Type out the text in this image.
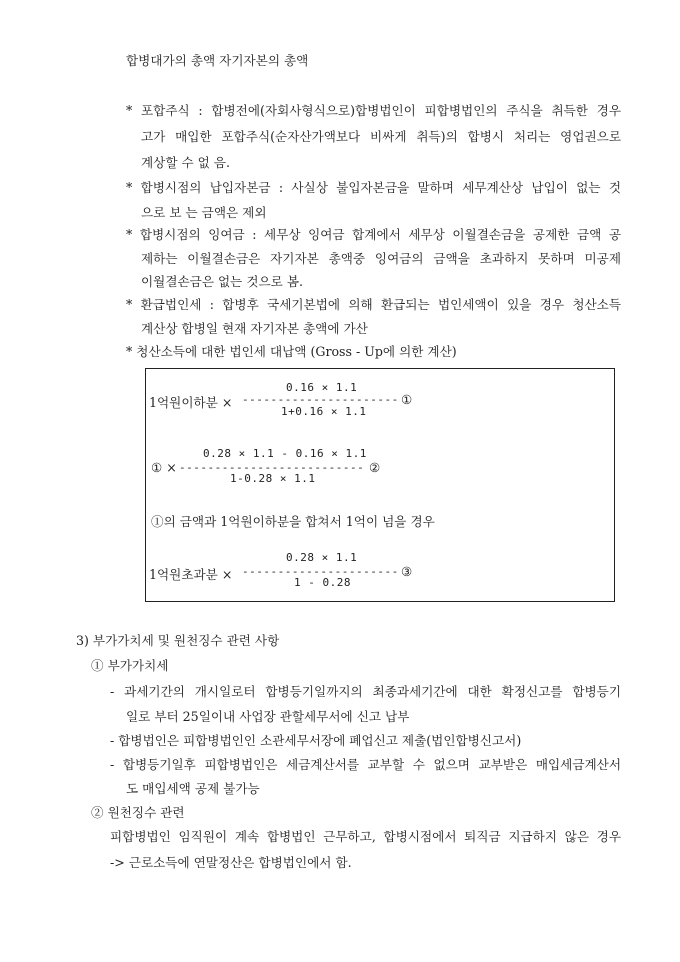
합병대가의 총액 자기자본의 총액
* 포합주식 : 합병전에(자회사형식으로)합병법인이 피합병법인의 주식을 취득한 경우
고가 매입한 포합주식(순자산가액보다 비싸게 취득)의 합병시 처리는 영업권으로
계상할 수 없 음.
* 합병시점의 납입자본금 : 사실상 불입자본금을 말하며 세무계산상 납입이 없는 것
으로 보 는 금액은 제외
* 합병시점의 잉여금 : 세무상 잉여금 합계에서 세무상 이월결손금을 공제한 금액 공
제하는 이월결손금은 자기자본 총액중 잉여금의 금액을 초과하지 못하며 미공제
이월결손금은 없는 것으로 봄.
* 환급법인세 : 합병후 국세기본법에 의해 환급되는 법인세액이 있을 경우 청산소득
계산상 합병일 현재 자기자본 총액에 가산
* 청산소득에 대한 법인세 대납액 (Gross - Up에 의한 계산)
0.16 × 1.1
1억원이하분 × ---------------------- ①
1+0.16 × 1.1
0.28 × 1.1 - 0.16 × 1.1
① × -------------------------- ②
1-0.28 × 1.1
①의 금액과 1억원이하분을 합쳐서 1억이 넘을 경우
0.28 × 1.1
1억원초과분 × ---------------------- ③
1 - 0.28
3) 부가가치세 및 원천징수 관련 사항
① 부가가치세
- 과세기간의 개시일로터 합병등기일까지의 최종과세기간에 대한 확정신고를 합병등기
일로 부터 25일이내 사업장 관할세무서에 신고 납부
- 합병법인은 피합병법인인 소관세무서장에 폐업신고 제출(법인합병신고서)
- 합병등기일후 피합병법인은 세금계산서를 교부할 수 없으며 교부받은 매입세금계산서
도 매입세액 공제 불가능
② 원천징수 관련
피합병법인 임직원이 계속 합병법인 근무하고, 합병시점에서 퇴직금 지급하지 않은 경우
-> 근로소득에 연말정산은 합병법인에서 함.
